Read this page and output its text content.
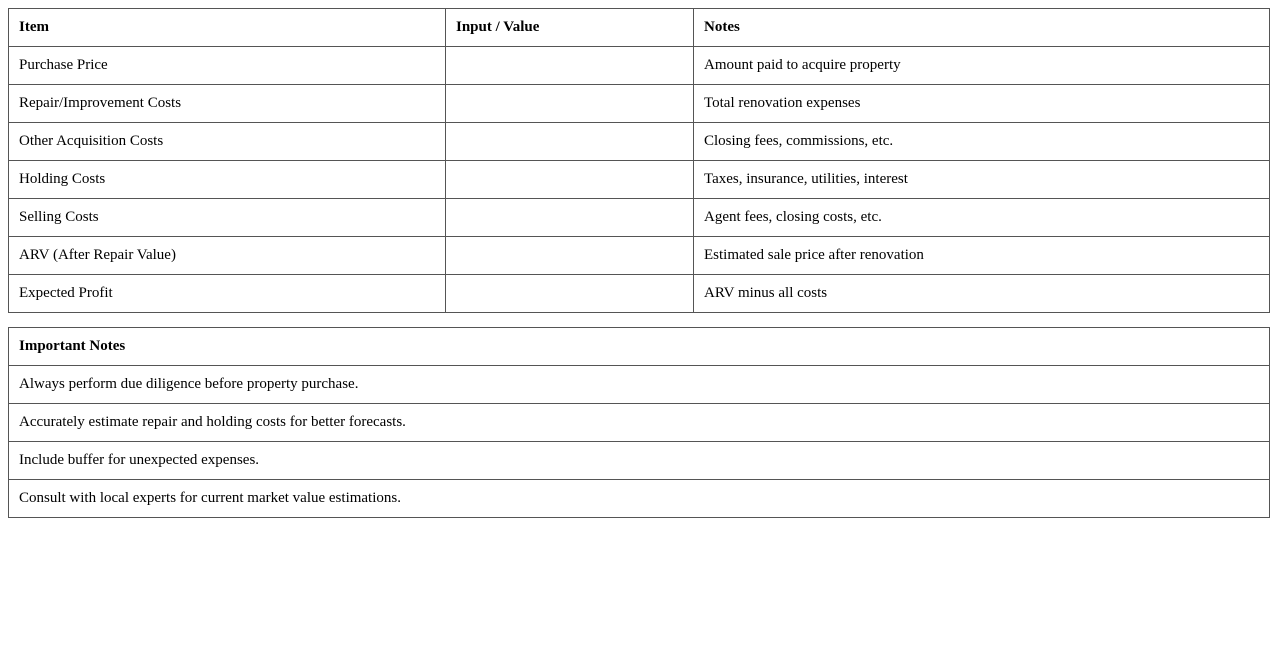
Item	Input / Value	Notes
Purchase Price		Amount paid to acquire property
Repair/Improvement Costs		Total renovation expenses
Other Acquisition Costs		Closing fees, commissions, etc.
Holding Costs		Taxes, insurance, utilities, interest
Selling Costs		Agent fees, closing costs, etc.
ARV (After Repair Value)		Estimated sale price after renovation
Expected Profit		ARV minus all costs
Important Notes
Always perform due diligence before property purchase.
Accurately estimate repair and holding costs for better forecasts.
Include buffer for unexpected expenses.
Consult with local experts for current market value estimations.
